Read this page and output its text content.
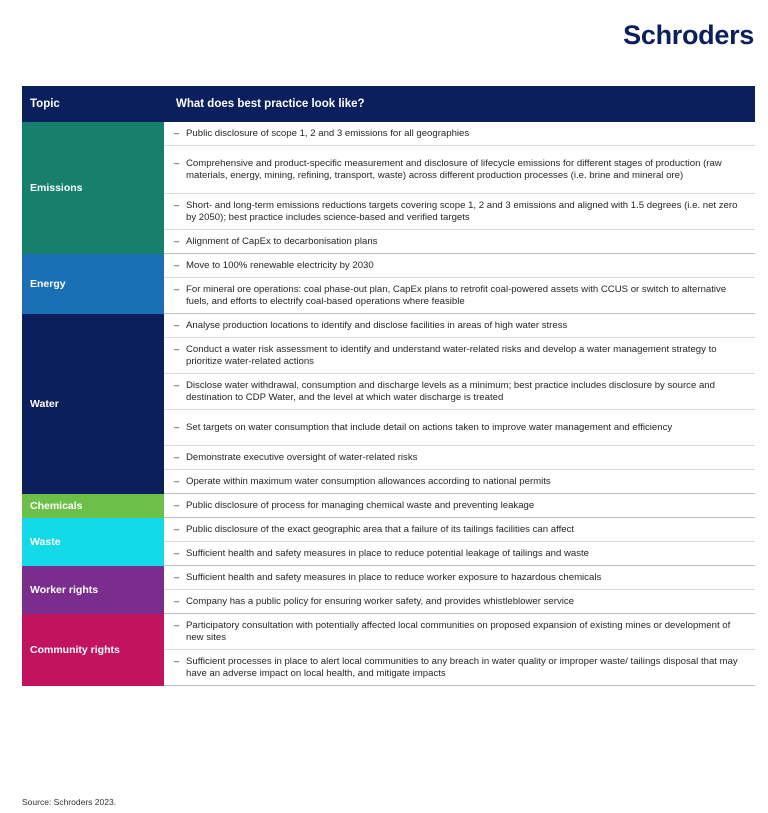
Schroders
Topic	What does best practice look like?
Emissions	– Public disclosure of scope 1, 2 and 3 emissions for all geographies

	– Comprehensive and product-specific measurement and disclosure of lifecycle emissions for different stages of production (raw materials, energy, mining, refining, transport, waste) across different production processes (i.e. brine and mineral ore)

	– Short- and long-term emissions reductions targets covering scope 1, 2 and 3 emissions and aligned with 1.5 degrees (i.e. net zero by 2050); best practice includes science-based and verified targets

	– Alignment of CapEx to decarbonisation plans

Energy	– Move to 100% renewable electricity by 2030

	– For mineral ore operations: coal phase-out plan, CapEx plans to retrofit coal-powered assets with CCUS or switch to alternative fuels, and efforts to electrify coal-based operations where feasible

Water	– Analyse production locations to identify and disclose facilities in areas of high water stress

	– Conduct a water risk assessment to identify and understand water-related risks and develop a water management strategy to prioritize water-related actions

	– Disclose water withdrawal, consumption and discharge levels as a minimum; best practice includes disclosure by source and destination to CDP Water, and the level at which water discharge is treated

	– Set targets on water consumption that include detail on actions taken to improve water management and efficiency

	– Demonstrate executive oversight of water-related risks

	– Operate within maximum water consumption allowances according to national permits

Chemicals	– Public disclosure of process for managing chemical waste and preventing leakage

Waste	– Public disclosure of the exact geographic area that a failure of its tailings facilities can affect

	– Sufficient health and safety measures in place to reduce potential leakage of tailings and waste

Worker rights	– Sufficient health and safety measures in place to reduce worker exposure to hazardous chemicals

	– Company has a public policy for ensuring worker safety, and provides whistleblower service

Community rights	– Participatory consultation with potentially affected local communities on proposed expansion of existing mines or development of new sites

	– Sufficient processes in place to alert local communities to any breach in water quality or improper waste/ tailings disposal that may have an adverse impact on local health, and mitigate impacts
Source: Schroders 2023.
